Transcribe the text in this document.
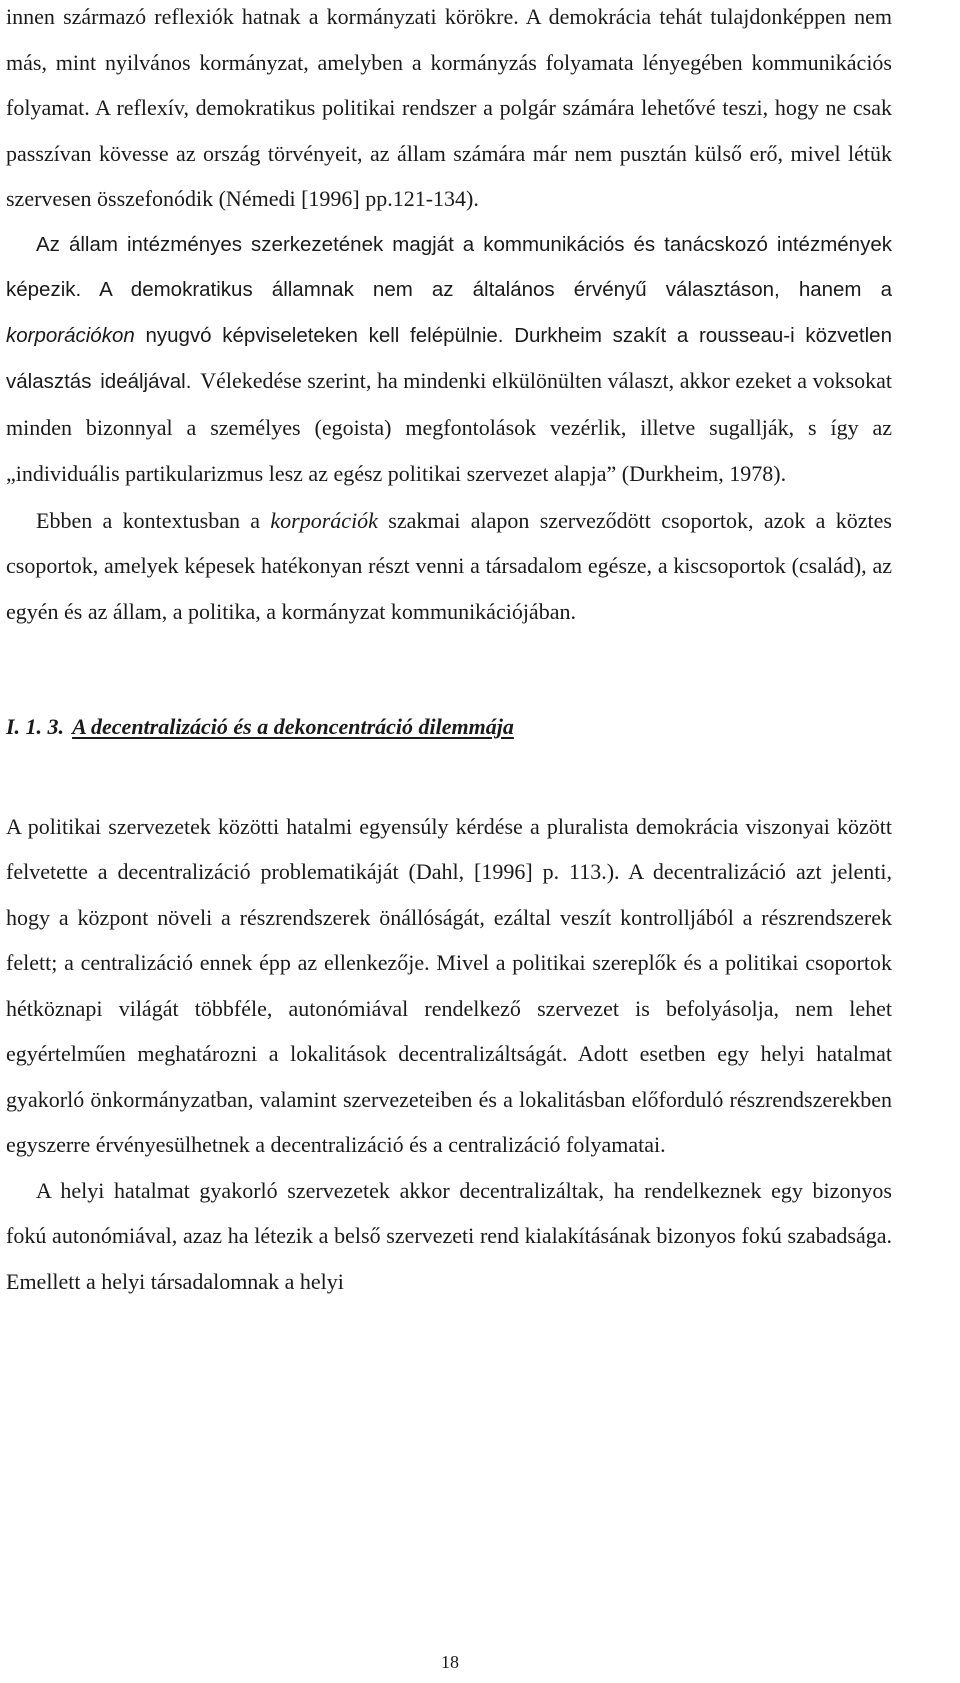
innen származó reflexiók hatnak a kormányzati körökre. A demokrácia tehát tulajdonképpen nem más, mint nyilvános kormányzat, amelyben a kormányzás folyamata lényegében kommunikációs folyamat. A reflexív, demokratikus politikai rendszer a polgár számára lehetővé teszi, hogy ne csak passzívan kövesse az ország törvényeit, az állam számára már nem pusztán külső erő, mivel létük szervesen összefonódik (Némedi [1996] pp.121-134).

Az állam intézményes szerkezetének magját a kommunikációs és tanácskozó intézmények képezik. A demokratikus államnak nem az általános érvényű választáson, hanem a korporációkon nyugvó képviseleteken kell felépülnie. Durkheim szakít a rousseau-i közvetlen választás ideáljával. Vélekedése szerint, ha mindenki elkülönülten választ, akkor ezeket a voksokat minden bizonnyal a személyes (egoista) megfontolások vezérlik, illetve sugallják, s így az „individuális partikularizmus lesz az egész politikai szervezet alapja” (Durkheim, 1978).

Ebben a kontextusban a korporációk szakmai alapon szerveződött csoportok, azok a köztes csoportok, amelyek képesek hatékonyan részt venni a társadalom egésze, a kiscsoportok (család), az egyén és az állam, a politika, a kormányzat kommunikációjában.

I. 1. 3. A decentralizáció és a dekoncentráció dilemmája

A politikai szervezetek közötti hatalmi egyensúly kérdése a pluralista demokrácia viszonyai között felvetette a decentralizáció problematikáját (Dahl, [1996] p. 113.). A decentralizáció azt jelenti, hogy a központ növeli a részrendszerek önállóságát, ezáltal veszít kontrolljából a részrendszerek felett; a centralizáció ennek épp az ellenkezője. Mivel a politikai szereplők és a politikai csoportok hétköznapi világát többféle, autonómiával rendelkező szervezet is befolyásolja, nem lehet egyértelműen meghatározni a lokalitások decentralizáltságát. Adott esetben egy helyi hatalmat gyakorló önkormányzatban, valamint szervezeteiben és a lokalitásban előforduló részrendszerekben egyszerre érvényesülhetnek a decentralizáció és a centralizáció folyamatai.

A helyi hatalmat gyakorló szervezetek akkor decentralizáltak, ha rendelkeznek egy bizonyos fokú autonómiával, azaz ha létezik a belső szervezeti rend kialakításának bizonyos fokú szabadsága. Emellett a helyi társadalomnak a helyi

18
